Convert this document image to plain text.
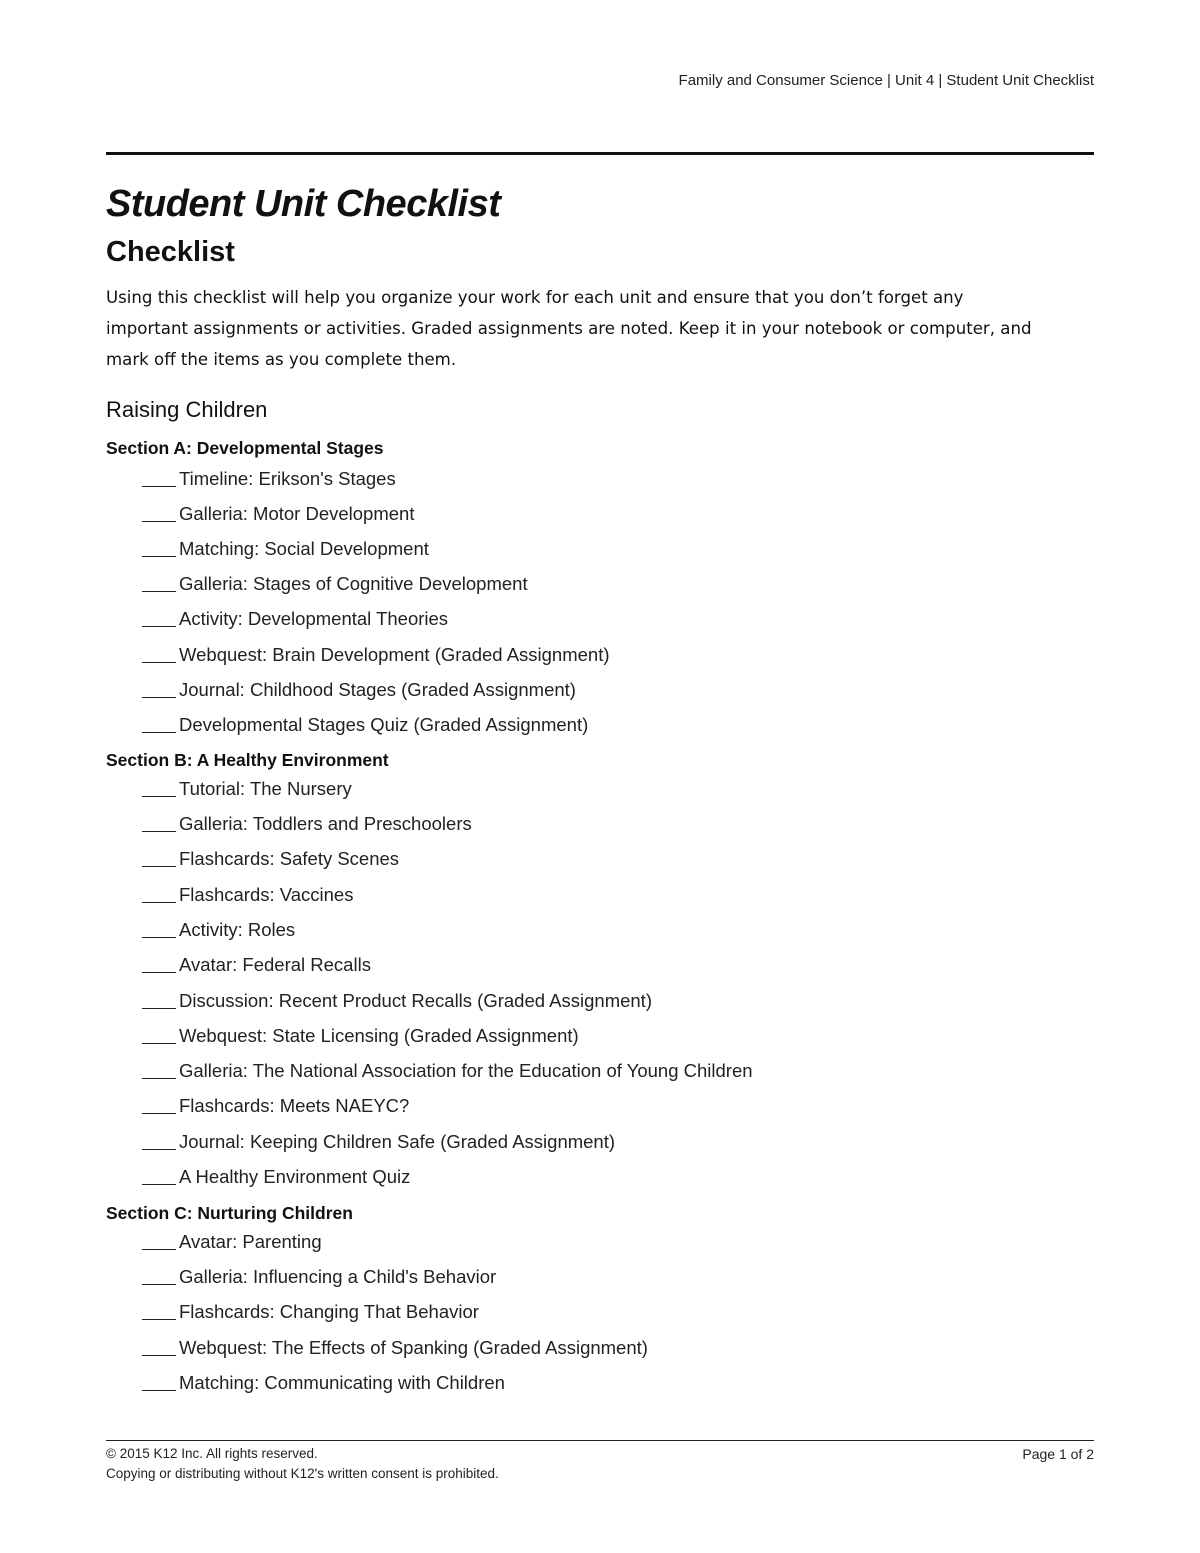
Family and Consumer Science | Unit 4 | Student Unit Checklist
Student Unit Checklist
Checklist
Using this checklist will help you organize your work for each unit and ensure that you don’t forget any
important assignments or activities. Graded assignments are noted. Keep it in your notebook or computer, and
mark off the items as you complete them.
Raising Children
Section A: Developmental Stages
Timeline: Erikson's Stages
Galleria: Motor Development
Matching: Social Development
Galleria: Stages of Cognitive Development
Activity: Developmental Theories
Webquest: Brain Development (Graded Assignment)
Journal: Childhood Stages (Graded Assignment)
Developmental Stages Quiz (Graded Assignment)
Section B: A Healthy Environment
Tutorial: The Nursery
Galleria: Toddlers and Preschoolers
Flashcards: Safety Scenes
Flashcards: Vaccines
Activity: Roles
Avatar: Federal Recalls
Discussion: Recent Product Recalls (Graded Assignment)
Webquest: State Licensing (Graded Assignment)
Galleria: The National Association for the Education of Young Children
Flashcards: Meets NAEYC?
Journal: Keeping Children Safe (Graded Assignment)
A Healthy Environment Quiz
Section C: Nurturing Children
Avatar: Parenting
Galleria: Influencing a Child's Behavior
Flashcards: Changing That Behavior
Webquest: The Effects of Spanking (Graded Assignment)
Matching: Communicating with Children
© 2015 K12 Inc. All rights reserved.
Copying or distributing without K12's written consent is prohibited.
Page 1 of 2
